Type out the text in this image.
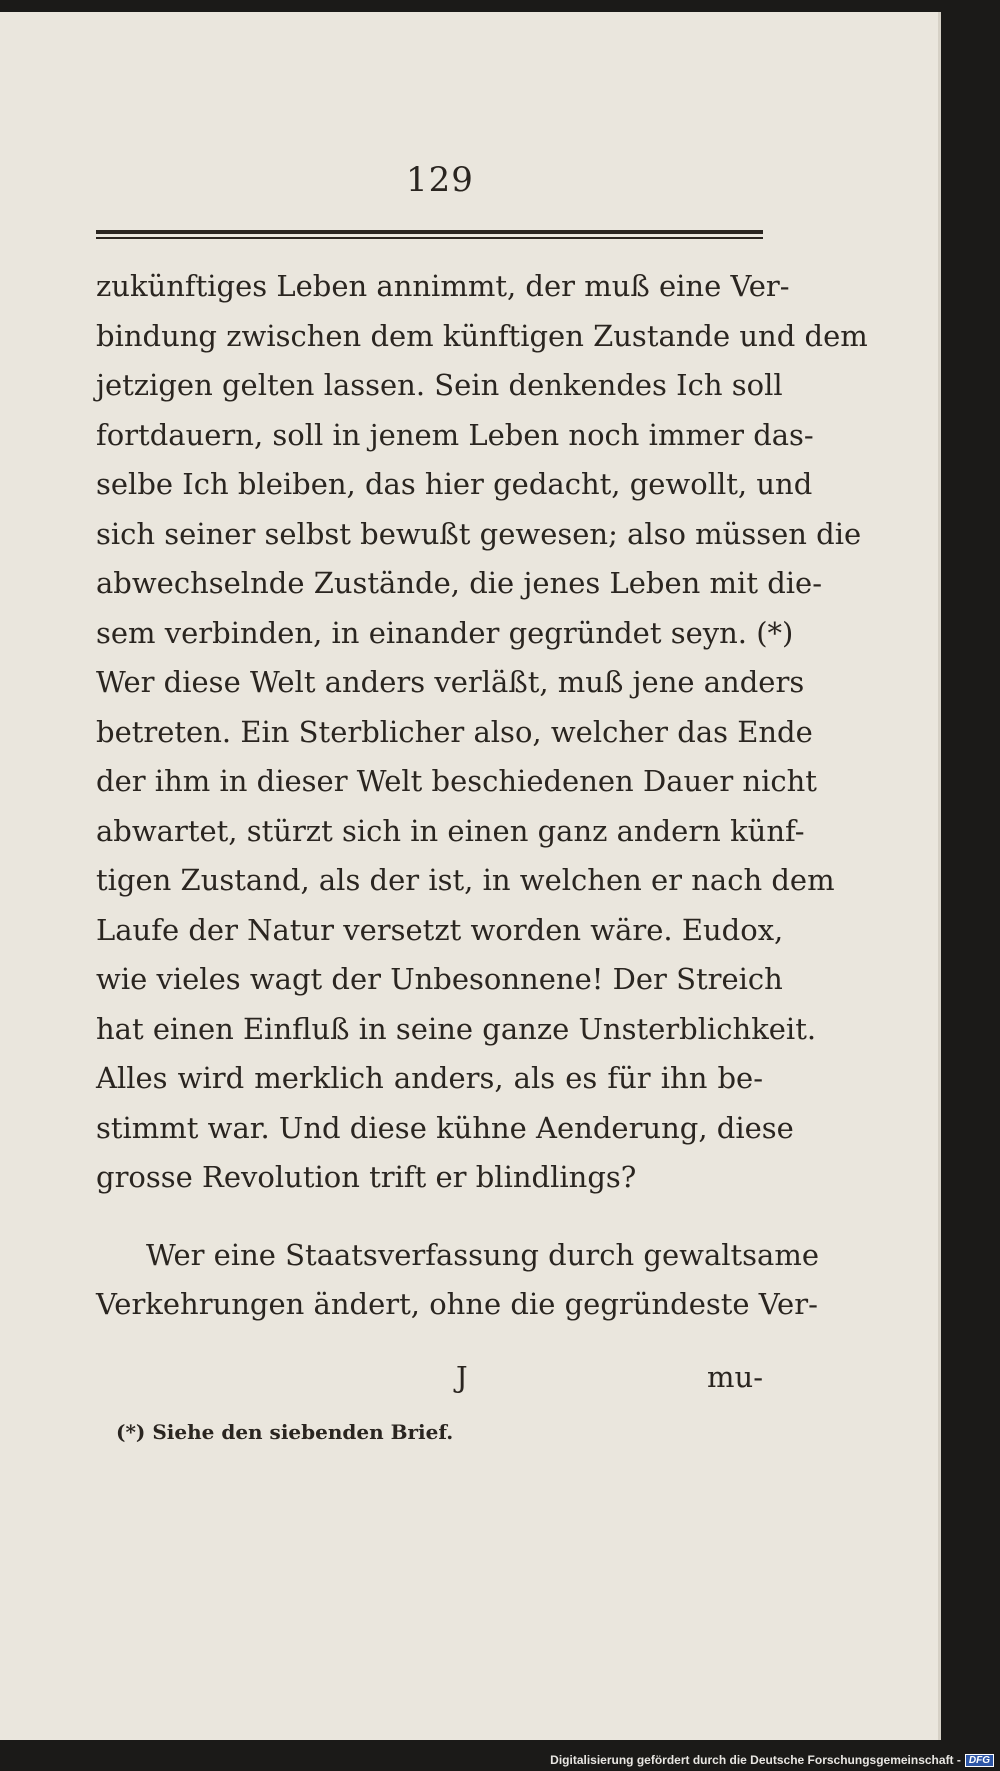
129
zukünftiges Leben annimmt, der muß eine Ver-
bindung zwischen dem künftigen Zustande und dem
jetzigen gelten lassen. Sein denkendes Ich soll
fortdauern, soll in jenem Leben noch immer das-
selbe Ich bleiben, das hier gedacht, gewollt, und
sich seiner selbst bewußt gewesen; also müssen die
abwechselnde Zustände, die jenes Leben mit die-
sem verbinden, in einander gegründet seyn. (*)
Wer diese Welt anders verläßt, muß jene anders
betreten. Ein Sterblicher also, welcher das Ende
der ihm in dieser Welt beschiedenen Dauer nicht
abwartet, stürzt sich in einen ganz andern künf-
tigen Zustand, als der ist, in welchen er nach dem
Laufe der Natur versetzt worden wäre. Eudox,
wie vieles wagt der Unbesonnene! Der Streich
hat einen Einfluß in seine ganze Unsterblichkeit.
Alles wird merklich anders, als es für ihn be-
stimmt war. Und diese kühne Aenderung, diese
grosse Revolution trift er blindlings?
Wer eine Staatsverfassung durch gewaltsame
Verkehrungen ändert, ohne die gegründeste Ver-
J	mu-
(*) Siehe den siebenden Brief.
Digitalisierung gefördert durch die Deutsche Forschungsgemeinschaft - DFG
